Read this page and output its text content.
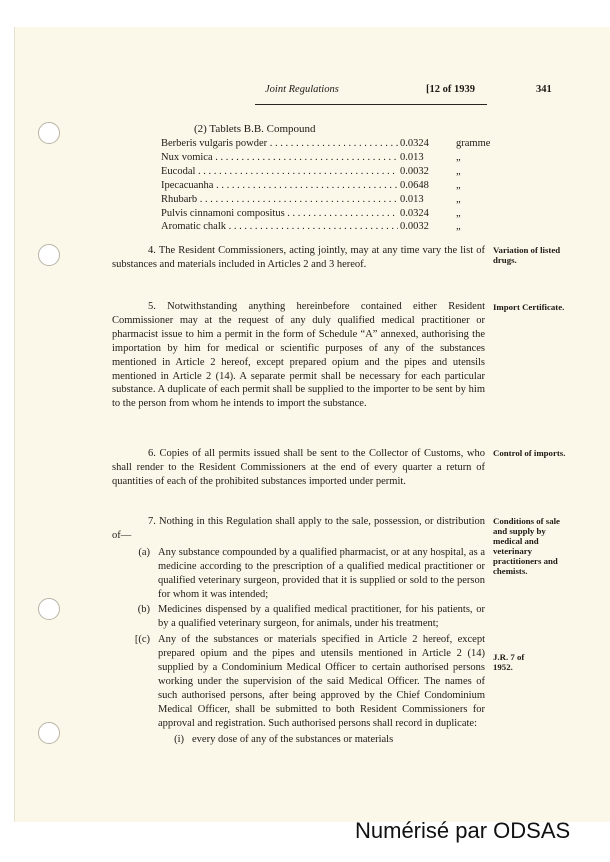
Joint Regulations	[12 of 1939	341
(2) Tablets B.B. Compound
Berberis vulgaris powder . . .	0.0324	gramme
Nux vomica . . .	0.013	„
Eucodal . . .	0.0032	„
Ipecacuanha . . .	0.0648	„
Rhubarb . . .	0.013	„
Pulvis cinnamoni compositus . . .	0.0324	„
Aromatic chalk . . .	0.0032	„

4. The Resident Commissioners, acting jointly, may at any time vary the list of substances and materials included in Articles 2 and 3 hereof.

Variation of listed drugs.

5. Notwithstanding anything hereinbefore contained either Resident Commissioner may at the request of any duly qualified medical practitioner or pharmacist issue to him a permit in the form of Schedule “A” annexed, authorising the importation by him for medical or scientific purposes of any of the substances mentioned in Article 2 hereof, except prepared opium and the pipes and utensils mentioned in Article 2 (14). A separate permit shall be necessary for each particular substance. A duplicate of each permit shall be supplied to the importer to be sent by him to the person from whom he intends to import the substance.

Import Certificate.

6. Copies of all permits issued shall be sent to the Collector of Customs, who shall render to the Resident Commissioners at the end of every quarter a return of quantities of each of the prohibited substances imported under permit.

Control of imports.

7. Nothing in this Regulation shall apply to the sale, possession, or distribution of—

(a) Any substance compounded by a qualified pharmacist, or at any hospital, as a medicine according to the prescription of a qualified medical practitioner or qualified veterinary surgeon, provided that it is supplied or sold to the person for whom it was intended;
(b) Medicines dispensed by a qualified medical practitioner, for his patients, or by a qualified veterinary surgeon, for animals, under his treatment;
[(c) Any of the substances or materials specified in Article 2 hereof, except prepared opium and the pipes and utensils mentioned in Article 2 (14) supplied by a Condominium Medical Officer to certain authorised persons working under the supervision of the said Medical Officer. The names of such authorised persons, after being approved by the Chief Condominium Medical Officer, shall be submitted to both Resident Commissioners for approval and registration. Such authorised persons shall record in duplicate:
(i) every dose of any of the substances or materials
Conditions of sale and supply by medical and veterinary practitioners and chemists.
J.R. 7 of 1952.
Numérisé par ODSAS
